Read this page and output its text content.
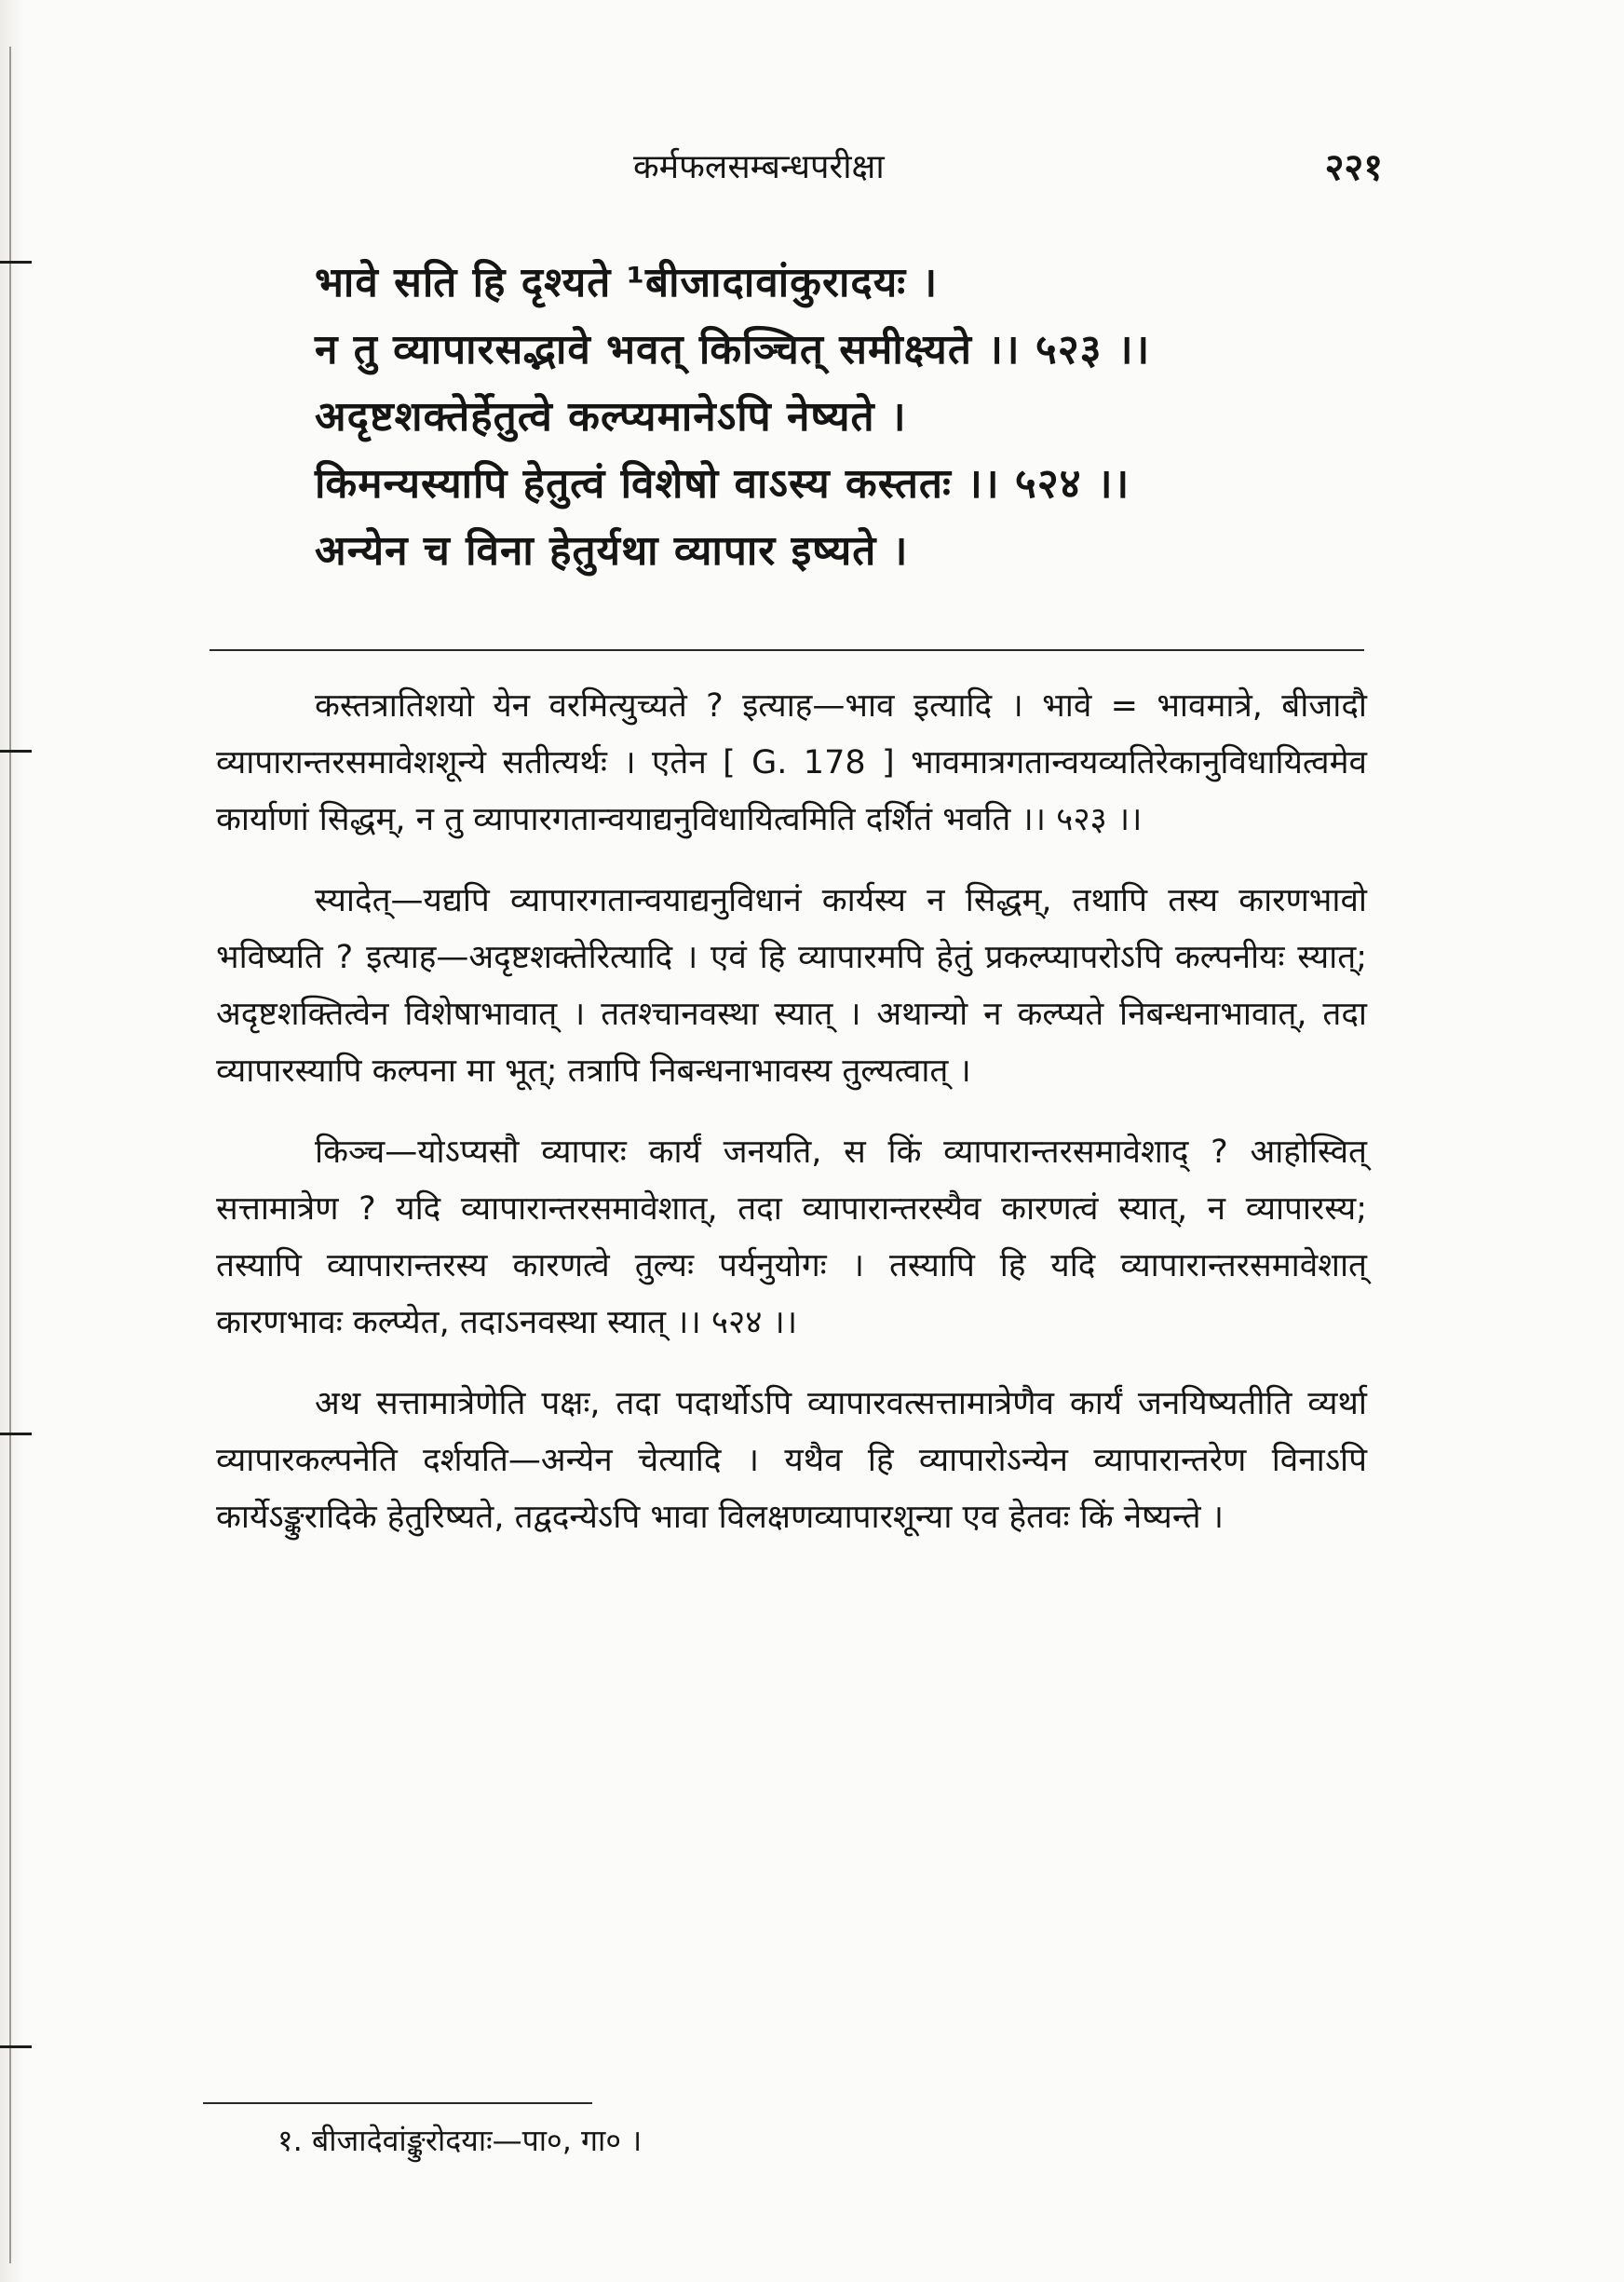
कर्मफलसम्बन्धपरीक्षा	२२१
भावे सति हि दृश्यते ¹बीजादावांकुरादयः ।
न तु व्यापारसद्भावे भवत् किञ्चित् समीक्ष्यते ।। ५२३ ।।
अदृष्टशक्तेर्हेतुत्वे कल्प्यमानेऽपि नेष्यते ।
किमन्यस्यापि हेतुत्वं विशेषो वाऽस्य कस्ततः ।। ५२४ ।।
अन्येन च विना हेतुर्यथा व्यापार इष्यते ।

कस्तत्रातिशयो येन वरमित्युच्यते ? इत्याह—भाव इत्यादि । भावे = भावमात्रे, बीजादौ व्यापारान्तरसमावेशशून्ये सतीत्यर्थः । एतेन [ G. 178 ] भावमात्रगतान्वयव्यतिरेकानुविधायित्वमेव कार्याणां सिद्धम्, न तु व्यापारगतान्वयाद्यनुविधायित्वमिति दर्शितं भवति ।। ५२३ ।।

स्यादेत्—यद्यपि व्यापारगतान्वयाद्यनुविधानं कार्यस्य न सिद्धम्, तथापि तस्य कारणभावो भविष्यति ? इत्याह—अदृष्टशक्तेरित्यादि । एवं हि व्यापारमपि हेतुं प्रकल्प्यापरोऽपि कल्पनीयः स्यात्; अदृष्टशक्तित्वेन विशेषाभावात् । ततश्चानवस्था स्यात् । अथान्यो न कल्प्यते निबन्धनाभावात्, तदा व्यापारस्यापि कल्पना मा भूत्; तत्रापि निबन्धनाभावस्य तुल्यत्वात् ।

किञ्च—योऽप्यसौ व्यापारः कार्यं जनयति, स किं व्यापारान्तरसमावेशाद् ? आहोस्वित् सत्तामात्रेण ? यदि व्यापारान्तरसमावेशात्, तदा व्यापारान्तरस्यैव कारणत्वं स्यात्, न व्यापारस्य; तस्यापि व्यापारान्तरस्य कारणत्वे तुल्यः पर्यनुयोगः । तस्यापि हि यदि व्यापारान्तरसमावेशात् कारणभावः कल्प्येत, तदाऽनवस्था स्यात् ।। ५२४ ।।

अथ सत्तामात्रेणेति पक्षः, तदा पदार्थोऽपि व्यापारवत्सत्तामात्रेणैव कार्यं जनयिष्यतीति व्यर्था व्यापारकल्पनेति दर्शयति—अन्येन चेत्यादि । यथैव हि व्यापारोऽन्येन व्यापारान्तरेण विनाऽपि कार्येऽङ्कुरादिके हेतुरिष्यते, तद्वदन्येऽपि भावा विलक्षणव्यापारशून्या एव हेतवः किं नेष्यन्ते ।

१. बीजादेवांङ्कुरोदयाः—पा०, गा० ।
